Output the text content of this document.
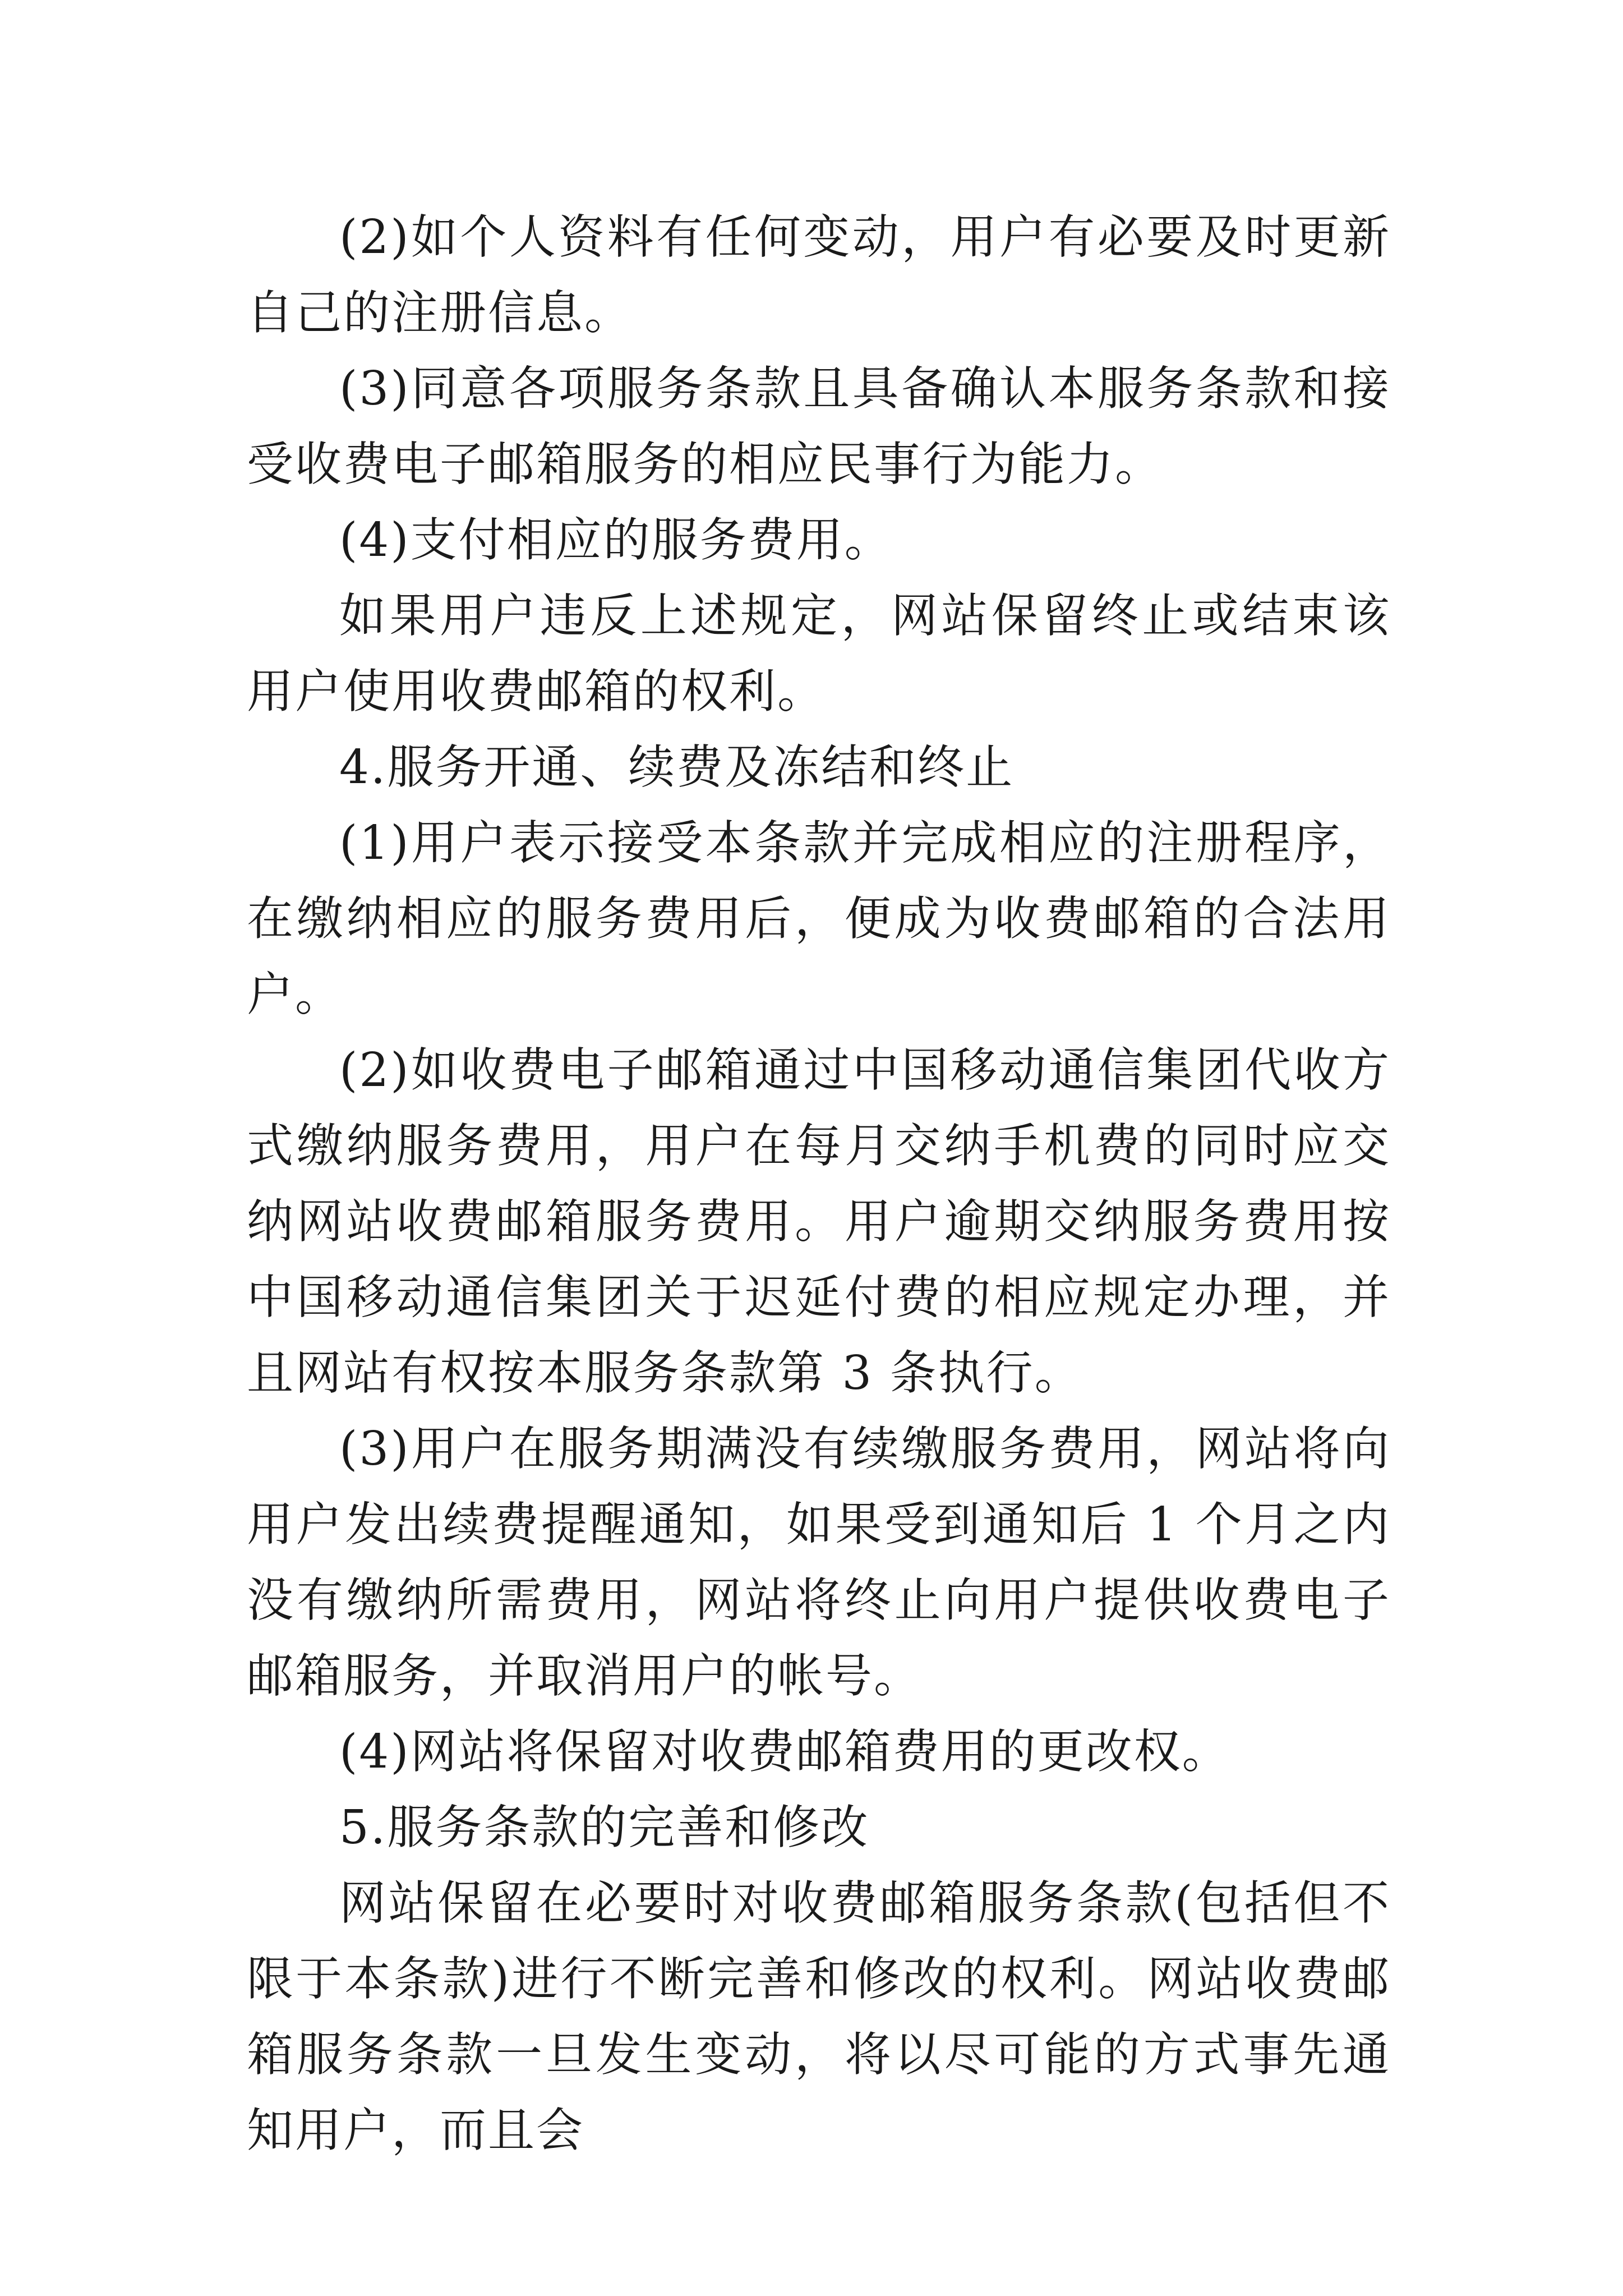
(2)如个人资料有任何变动，用户有必要及时更新自己的注册信息。

(3)同意各项服务条款且具备确认本服务条款和接受收费电子邮箱服务的相应民事行为能力。

(4)支付相应的服务费用。

如果用户违反上述规定，网站保留终止或结束该用户使用收费邮箱的权利。

4.服务开通、续费及冻结和终止

(1)用户表示接受本条款并完成相应的注册程序，在缴纳相应的服务费用后，便成为收费邮箱的合法用户。

(2)如收费电子邮箱通过中国移动通信集团代收方式缴纳服务费用，用户在每月交纳手机费的同时应交纳网站收费邮箱服务费用。用户逾期交纳服务费用按中国移动通信集团关于迟延付费的相应规定办理，并且网站有权按本服务条款第 3 条执行。

(3)用户在服务期满没有续缴服务费用，网站将向用户发出续费提醒通知，如果受到通知后 1 个月之内没有缴纳所需费用，网站将终止向用户提供收费电子邮箱服务，并取消用户的帐号。

(4)网站将保留对收费邮箱费用的更改权。

5.服务条款的完善和修改

网站保留在必要时对收费邮箱服务条款(包括但不限于本条款)进行不断完善和修改的权利。网站收费邮箱服务条款一旦发生变动，将以尽可能的方式事先通知用户，而且会
